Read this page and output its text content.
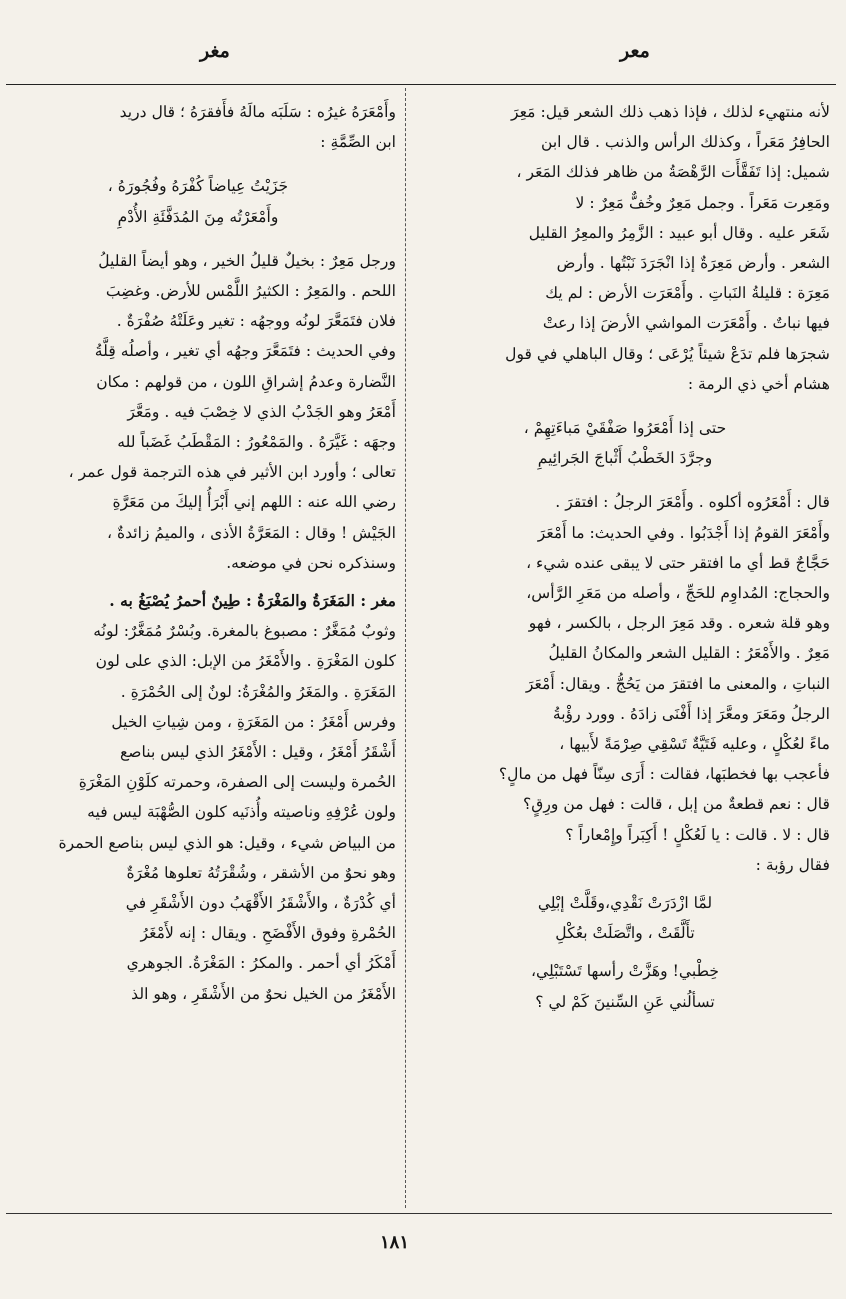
معر
مغر

لأنه منتهيء لذلك ، فإذا ذهب ذلك الشعر قيل: مَعِرَ

الحافِرُ مَعَراً ، وكذلك الرأس والذنب . قال ابن

شميل: إذا تَفَقَّأَت الرَّهْصَةُ من ظاهر فذلك المَعَر ،

ومَعِرت مَعَراً . وجمل مَعِرٌ وخُفٌّ مَعِرٌ : لا

شَعَر عليه . وقال أبو عبيد : الزَّمِرُ والمعِرُ القليل

الشعر . وأرض مَعِرَةٌ إذا انْجَرَدَ نَبْتُها . وأرض

مَعِرَة : قليلةُ النَباتِ . وأَمْعَرَت الأرض : لم يك

فيها نباتٌ . وأَمْعَرَت المواشي الأرضَ إذا رعتْ

شجرَها فلم تدَعْ شيئاً يُرْعَى ؛ وقال الباهلي في قول

هشام أخي ذي الرمة :

حتى إذا أَمْعَرُوا صَفْقَيْ مَباءَتِهِمْ ،

وجرَّدَ الخَطْبُ أَثْباجَ الجَرائِيمِ

قال : أَمْعَرُوه أكلوه . وأَمْعَرَ الرجلُ : افتقرَ .

وأَمْعَرَ القومُ إذا أَجْدَبُوا . وفي الحديث: ما أَمْعَرَ

حَجَّاجٌ قط أي ما افتقر حتى لا يبقى عنده شيء ،

والحجاج: المُداوِم للحَجِّ ، وأصله من مَعَرِ الرَّأس،

وهو قلة شعره . وقد مَعِرَ الرجل ، بالكسر ، فهو

مَعِرٌ . والأَمْعَرُ : القليل الشعر والمكانُ القليلُ

النباتِ ، والمعنى ما افتقرَ من يَحُجُّ . ويقال: أَمْعَرَ

الرجلُ ومَعَرَ ومعَّرَ إذا أَفْنَى زادَهُ . وورد رؤْبةُ

ماءً لعُكْلٍ ، وعليه فَتَيَّةٌ تَسْقِي صِرْمَةً لأَبيها ،

فأعجب بها فخطبَها، فقالت : أَرَى سِنّاً فهل من مالٍ؟

قال : نعم قطعةٌ من إبل ، قالت : فهل من ورِقٍ؟

قال : لا . قالت : يا لَعُكْلٍ ! أَكِبَراً وإِمْعاراً ؟

فقال رؤبة :

لمَّا ازْدَرَتْ نَقْدِي،وقَلَّتْ إبْلِي

تأَلَّقَتْ ، واتَّصَلَتْ بعُكْلِ

خِطْبي! وهَزَّتْ رأسها تَسْتَبْلِي،

تسألُني عَنِ السِّنينَ كَمْ لي ؟

وأَمْعَرَهُ غيرُه : سَلَبَه مالَهُ فأَفقرَهُ ؛ قال دريد

ابن الصِّمَّةِ :

جَزَيْتُ عِياضاً كُفْرَهُ وفُجُورَهُ ،

وأَمْعَرْتُه مِنَ المُدَفَّئَةِ الأُدْمِ

ورجل مَعِرٌ : بخيلٌ قليلُ الخير ، وهو أيضاً القليلُ

اللحم . والمَعِرُ : الكثيرُ اللَّمْس للأرض. وغضِبَ

فلان فتَمَعَّرَ لونُه ووجهُه : تغير وعَلَتْهُ صُفْرَةٌ .

وفي الحديث : فتَمَعَّرَ وجهُه أي تغير ، وأصلُه قِلَّةُ

النَّضارة وعدمُ إشراقِ اللون ، من قولهم : مكان

أَمْعَرُ وهو الجَدْبُ الذي لا خِصْبَ فيه . ومَعَّرَ

وجهَه : غَيَّرَهُ . والمَمْعُورُ : المَقْطَبُ غَضَباً لله

تعالى ؛ وأورد ابن الأثير في هذه الترجمة قول عمر ،

رضي الله عنه : اللهم إني أَبْرَأُ إليكَ من مَعَرَّةِ

الجَيْش ! وقال : المَعَرَّةُ الأذى ، والميمُ زائدةٌ ،

وسنذكره نحن في موضعه.

مغر : المَغَرَةُ والمَغْرَةُ : طِينٌ أحمرُ يُصْبَغُ به .

وثوبٌ مُمَغَّرٌ : مصبوغ بالمغرة. وبُسْرٌ مُمَغَّرٌ: لونُه

كلون المَغْرَةِ . والأَمْغَرُ من الإبل: الذي على لون

المَغَرَةِ . والمَغَرُ والمُغْرَةُ: لونٌ إلى الحُمْرَةِ .

وفرس أَمْغَرُ : من المَغَرَةِ ، ومن شِياتِ الخيل

أَشْقَرُ أَمْغَرُ ، وقيل : الأَمْغَرُ الذي ليس بناصع

الحُمرة وليست إلى الصفرة، وحمرته كلَوْنِ المَغْرَةِ

ولون عُرْفِهِ وناصيته وأُذنَيه كلون الصُّهْبَة ليس فيه

من البياض شيء ، وقيل: هو الذي ليس بناصع الحمرة

وهو نحوٌ من الأشقر ، وشُقْرَتُهُ تعلوها مُغْرَةٌ

أي كُدْرَةٌ ، والأَشْقَرُ الأَقْهَبُ دون الأَشْقَرِ في

الحُمْرةِ وفوق الأَفْضَحِ . ويقال : إنه لأَمْغَرُ

أَمْكَرُ أي أحمر . والمكرُ : المَغْرَةُ. الجوهري

الأَمْغَرُ من الخيل نحوٌ من الأَشْقَرِ ، وهو الذ

١٨١
